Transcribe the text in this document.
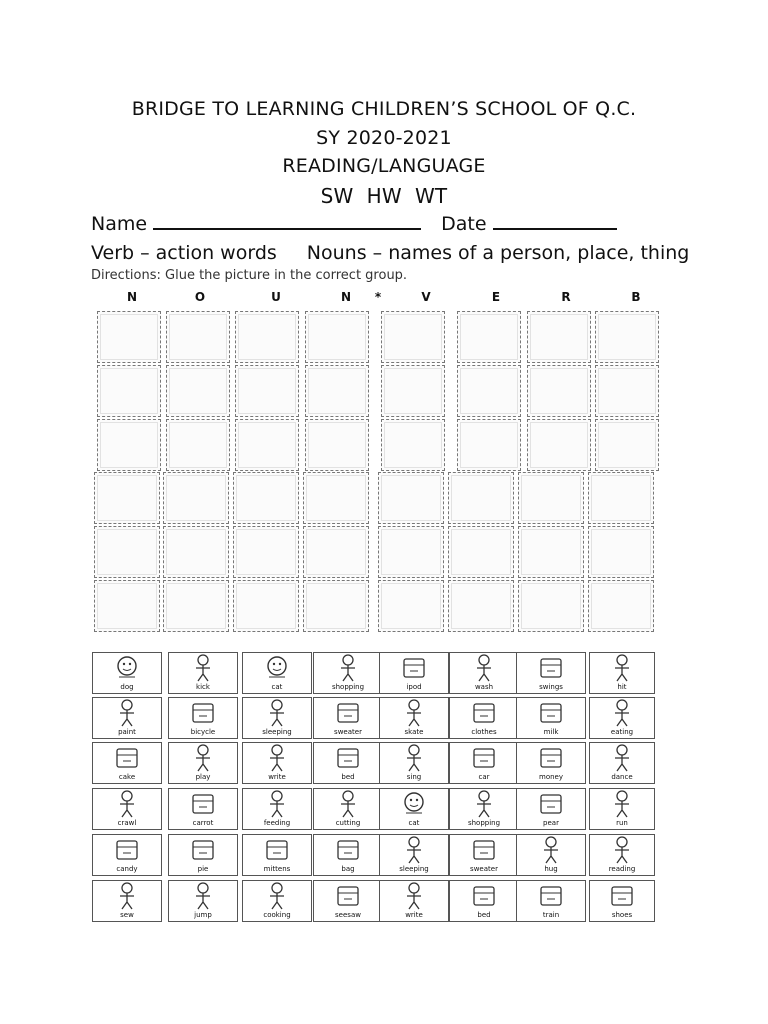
BRIDGE TO LEARNING CHILDREN’S SCHOOL OF Q.C.
SY 2020-2021
READING/LANGUAGE
SW  HW  WT
Name	Date
Verb – action words Nouns – names of a person, place, thing
Directions: Glue the picture in the correct group.
N	O	U	N	*	V	E	R	B
dog	kick	cat	shopping	ipod	wash	swings	hit
paint	bicycle	sleeping	sweater	skate	clothes	milk	eating
cake	play	write	bed	sing	car	money	dance
crawl	carrot	feeding	cutting	cat	shopping	pear	run
candy	pie	mittens	bag	sleeping	sweater	hug	reading
sew	jump	cooking	seesaw	write	bed	train	shoes
